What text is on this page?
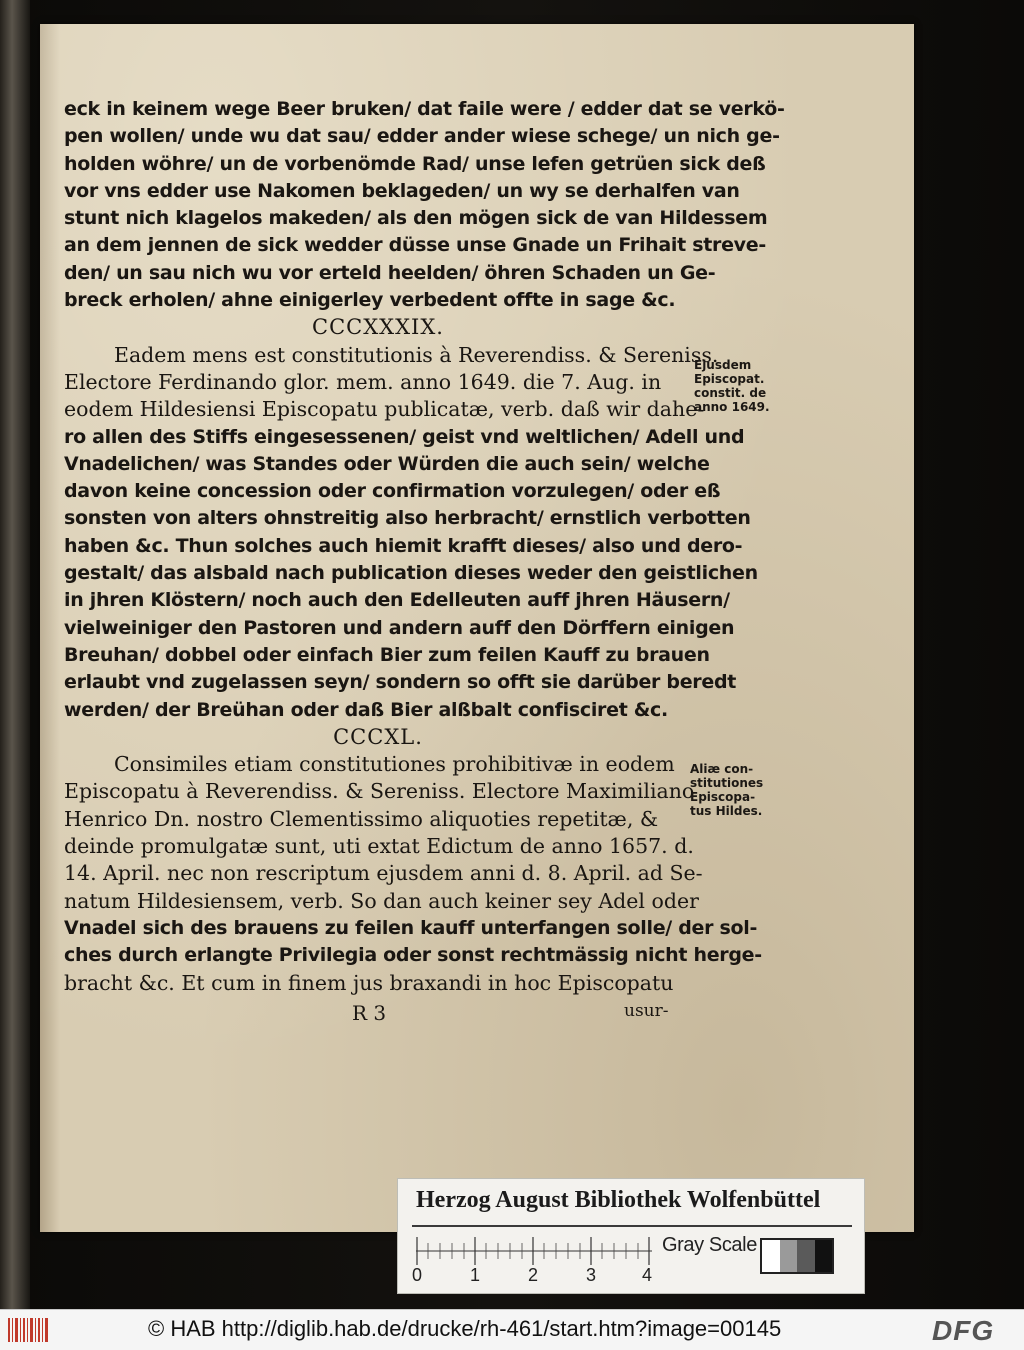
eck in keinem wege Beer bruken/ dat faile were / edder dat se verkö-
pen wollen/ unde wu dat sau/ edder ander wiese schege/ un nich ge-
holden wöhre/ un de vorbenömde Rad/ unse lefen getrüen sick deß
vor vns edder use Nakomen beklageden/ un wy se derhalfen van
stunt nich klagelos makeden/ als den mögen sick de van Hildessem
an dem jennen de sick wedder düsse unse Gnade un Frihait streve-
den/ un sau nich wu vor erteld heelden/ öhren Schaden un Ge-
breck erholen/ ahne einigerley verbedent offte in sage &c.
CCCXXXIX.
Eadem mens est constitutionis à Reverendiss. & Sereniss.
Electore Ferdinando glor. mem. anno 1649. die 7. Aug. in
eodem Hildesiensi Episcopatu publicatæ, verb. daß wir dahe-
ro allen des Stiffs eingesessenen/ geist vnd weltlichen/ Adell und
Vnadelichen/ was Standes oder Würden die auch sein/ welche
davon keine concession oder confirmation vorzulegen/ oder eß
sonsten von alters ohnstreitig also herbracht/ ernstlich verbotten
haben &c. Thun solches auch hiemit krafft dieses/ also und dero-
gestalt/ das alsbald nach publication dieses weder den geistlichen
in jhren Klöstern/ noch auch den Edelleuten auff jhren Häusern/
vielweiniger den Pastoren und andern auff den Dörffern einigen
Breuhan/ dobbel oder einfach Bier zum feilen Kauff zu brauen
erlaubt vnd zugelassen seyn/ sondern so offt sie darüber beredt
werden/ der Breühan oder daß Bier alßbalt confisciret &c.
CCCXL.
Consimiles etiam constitutiones prohibitivæ in eodem
Episcopatu à Reverendiss. & Sereniss. Electore Maximiliano
Henrico Dn. nostro Clementissimo aliquoties repetitæ, &
deinde promulgatæ sunt, uti extat Edictum de anno 1657. d.
14. April. nec non rescriptum ejusdem anni d. 8. April. ad Se-
natum Hildesiensem, verb. So dan auch keiner sey Adel oder
Vnadel sich des brauens zu feilen kauff unterfangen solle/ der sol-
ches durch erlangte Privilegia oder sonst rechtmässig nicht herge-
bracht &c. Et cum in finem jus braxandi in hoc Episcopatu
Ejusdem
Episcopat.
constit. de
anno 1649.
Aliæ con-
stitutiones
Episcopa-
tus Hildes.
R 3	usur-
Herzog August Bibliothek Wolfenbüttel
0	1	2	3	4
Gray Scale
© HAB http://diglib.hab.de/drucke/rh-461/start.htm?image=00145	DFG
